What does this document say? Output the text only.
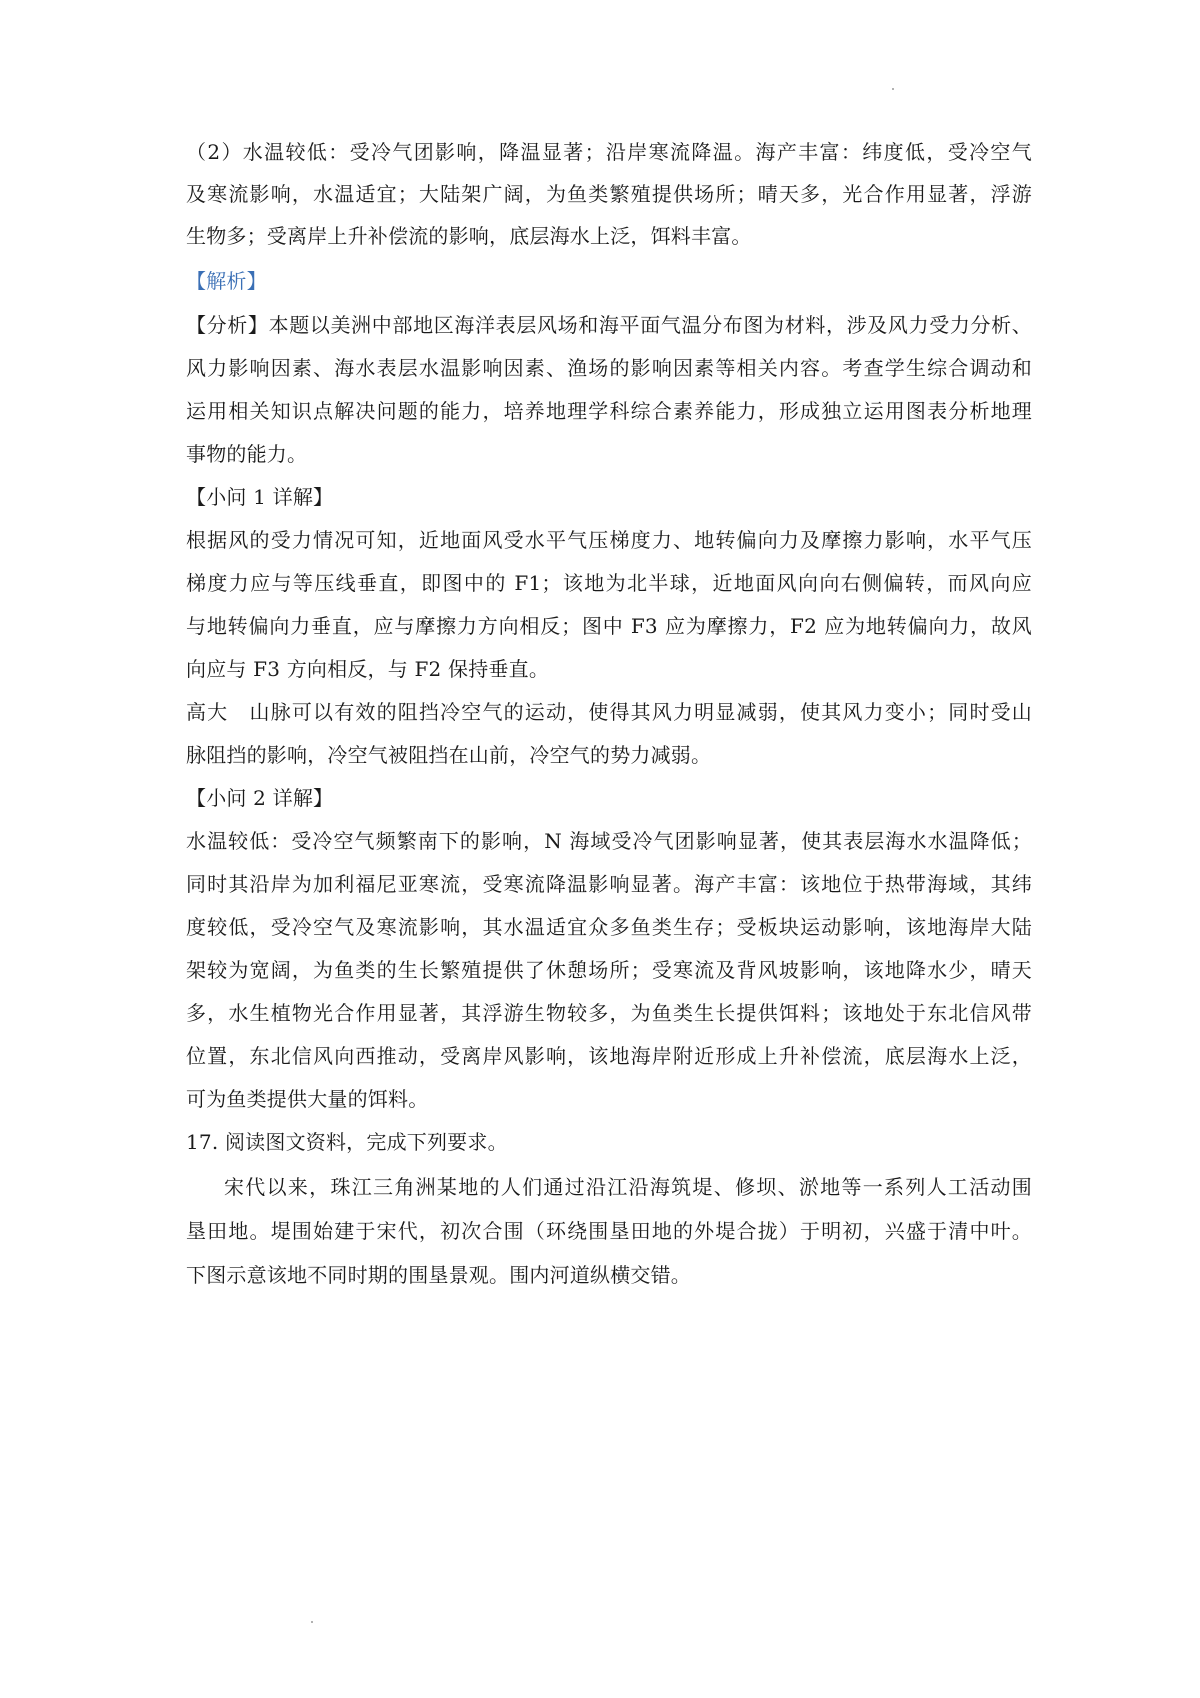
（2）水温较低：受冷气团影响，降温显著；沿岸寒流降温。海产丰富：纬度低，受冷空气
及寒流影响，水温适宜；大陆架广阔，为鱼类繁殖提供场所；晴天多，光合作用显著，浮游
生物多；受离岸上升补偿流的影响，底层海水上泛，饵料丰富。
【解析】
【分析】本题以美洲中部地区海洋表层风场和海平面气温分布图为材料，涉及风力受力分析、
风力影响因素、海水表层水温影响因素、渔场的影响因素等相关内容。考查学生综合调动和
运用相关知识点解决问题的能力，培养地理学科综合素养能力，形成独立运用图表分析地理
事物的能力。
【小问 1 详解】
根据风的受力情况可知，近地面风受水平气压梯度力、地转偏向力及摩擦力影响，水平气压
梯度力应与等压线垂直，即图中的 F1；该地为北半球，近地面风向向右侧偏转，而风向应
与地转偏向力垂直，应与摩擦力方向相反；图中 F3 应为摩擦力，F2 应为地转偏向力，故风
向应与 F3 方向相反，与 F2 保持垂直。
高大　山脉可以有效的阻挡冷空气的运动，使得其风力明显减弱，使其风力变小；同时受山
脉阻挡的影响，冷空气被阻挡在山前，冷空气的势力减弱。
【小问 2 详解】
水温较低：受冷空气频繁南下的影响，N 海域受冷气团影响显著，使其表层海水水温降低；
同时其沿岸为加利福尼亚寒流，受寒流降温影响显著。海产丰富：该地位于热带海域，其纬
度较低，受冷空气及寒流影响，其水温适宜众多鱼类生存；受板块运动影响，该地海岸大陆
架较为宽阔，为鱼类的生长繁殖提供了休憩场所；受寒流及背风坡影响，该地降水少，晴天
多，水生植物光合作用显著，其浮游生物较多，为鱼类生长提供饵料；该地处于东北信风带
位置，东北信风向西推动，受离岸风影响，该地海岸附近形成上升补偿流，底层海水上泛，
可为鱼类提供大量的饵料。
17. 阅读图文资料，完成下列要求。
宋代以来，珠江三角洲某地的人们通过沿江沿海筑堤、修坝、淤地等一系列人工活动围
垦田地。堤围始建于宋代，初次合围（环绕围垦田地的外堤合拢）于明初，兴盛于清中叶。
下图示意该地不同时期的围垦景观。围内河道纵横交错。
